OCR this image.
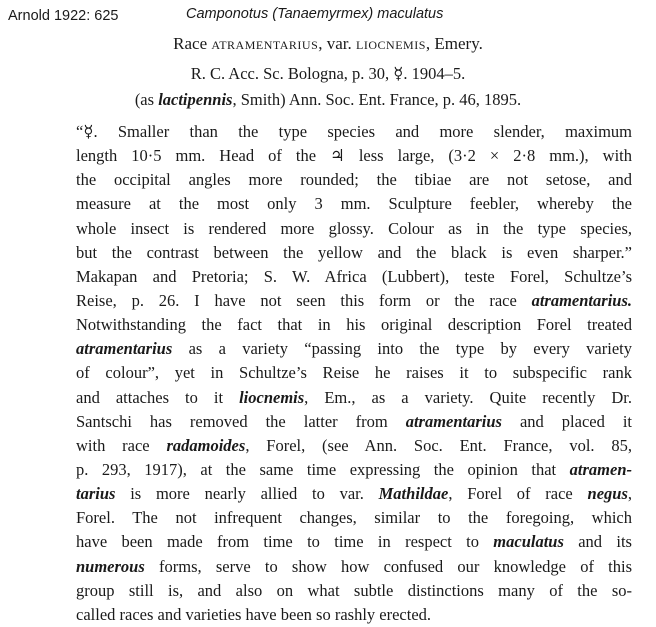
Arnold 1922: 625	Camponotus (Tanaemyrmex) maculatus
Race atramentarius, var. liocnemis, Emery.
R. C. Acc. Sc. Bologna, p. 30, ☿. 1904–5.
(as lactipennis, Smith) Ann. Soc. Ent. France, p. 46, 1895.
“☿. Smaller than the type species and more slender, maximum
length 10·5 mm. Head of the ♃ less large, (3·2 × 2·8 mm.), with
the occipital angles more rounded; the tibiae are not setose, and
measure at the most only 3 mm. Sculpture feebler, whereby the
whole insect is rendered more glossy. Colour as in the type species,
but the contrast between the yellow and the black is even sharper.”
Makapan and Pretoria; S. W. Africa (Lubbert), teste Forel, Schultze’s
Reise, p. 26. I have not seen this form or the race atramentarius.
Notwithstanding the fact that in his original description Forel treated
atramentarius as a variety “passing into the type by every variety
of colour”, yet in Schultze’s Reise he raises it to subspecific rank
and attaches to it liocnemis, Em., as a variety. Quite recently Dr.
Santschi has removed the latter from atramentarius and placed it
with race radamoides, Forel, (see Ann. Soc. Ent. France, vol. 85,
p. 293, 1917), at the same time expressing the opinion that atramen-
tarius is more nearly allied to var. Mathildae, Forel of race negus,
Forel. The not infrequent changes, similar to the foregoing, which
have been made from time to time in respect to maculatus and its
numerous forms, serve to show how confused our knowledge of this
group still is, and also on what subtle distinctions many of the so-
called races and varieties have been so rashly erected.
